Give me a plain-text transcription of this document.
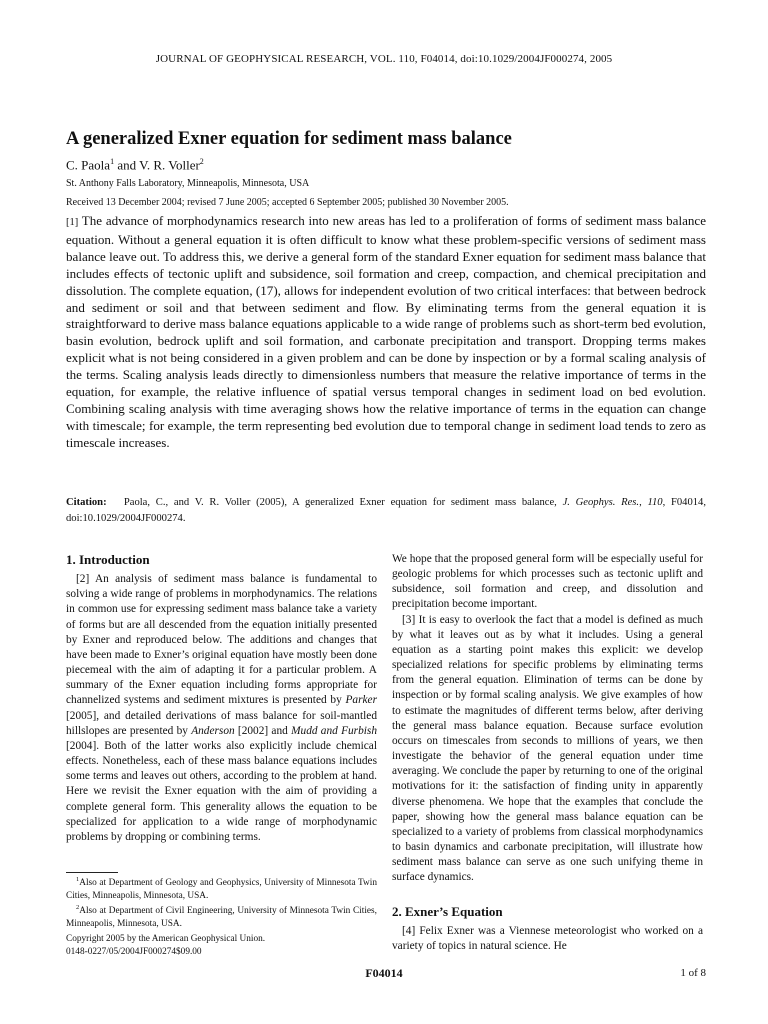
JOURNAL OF GEOPHYSICAL RESEARCH, VOL. 110, F04014, doi:10.1029/2004JF000274, 2005
A generalized Exner equation for sediment mass balance
C. Paola$^1$ and V. R. Voller$^2$
St. Anthony Falls Laboratory, Minneapolis, Minnesota, USA
Received 13 December 2004; revised 7 June 2005; accepted 6 September 2005; published 30 November 2005.

[1] The advance of morphodynamics research into new areas has led to a proliferation of forms of sediment mass balance equation. Without a general equation it is often difficult to know what these problem-specific versions of sediment mass balance leave out. To address this, we derive a general form of the standard Exner equation for sediment mass balance that includes effects of tectonic uplift and subsidence, soil formation and creep, compaction, and chemical precipitation and dissolution. The complete equation, (17), allows for independent evolution of two critical interfaces: that between bedrock and sediment or soil and that between sediment and flow. By eliminating terms from the general equation it is straightforward to derive mass balance equations applicable to a wide range of problems such as short-term bed evolution, basin evolution, bedrock uplift and soil formation, and carbonate precipitation and transport. Dropping terms makes explicit what is not being considered in a given problem and can be done by inspection or by a formal scaling analysis of the terms. Scaling analysis leads directly to dimensionless numbers that measure the relative importance of terms in the equation, for example, the relative influence of spatial versus temporal changes in sediment load on bed evolution. Combining scaling analysis with time averaging shows how the relative importance of terms in the equation can change with timescale; for example, the term representing bed evolution due to temporal change in sediment load tends to zero as timescale increases.

Citation: Paola, C., and V. R. Voller (2005), A generalized Exner equation for sediment mass balance, J. Geophys. Res., 110, F04014, doi:10.1029/2004JF000274.

1. Introduction

[2] An analysis of sediment mass balance is fundamental to solving a wide range of problems in morphodynamics. The relations in common use for expressing sediment mass balance take a variety of forms but are all descended from the equation initially presented by Exner and reproduced below. The additions and changes that have been made to Exner’s original equation have mostly been done piecemeal with the aim of adapting it for a particular problem. A summary of the Exner equation including forms appropriate for channelized systems and sediment mixtures is presented by Parker [2005], and detailed derivations of mass balance for soil-mantled hillslopes are presented by Anderson [2002] and Mudd and Furbish [2004]. Both of the latter works also explicitly include chemical effects. Nonetheless, each of these mass balance equations includes some terms and leaves out others, according to the problem at hand. Here we revisit the Exner equation with the aim of providing a complete general form. This generality allows the equation to be specialized for application to a wide range of morphodynamic problems by dropping or combining terms.

We hope that the proposed general form will be especially useful for geologic problems for which processes such as tectonic uplift and subsidence, soil formation and creep, and dissolution and precipitation become important.

[3] It is easy to overlook the fact that a model is defined as much by what it leaves out as by what it includes. Using a general equation as a starting point makes this explicit: we develop specialized relations for specific problems by eliminating terms from the general equation. Elimination of terms can be done by inspection or by formal scaling analysis. We give examples of how to estimate the magnitudes of different terms below, after deriving the general mass balance equation. Because surface evolution occurs on timescales from seconds to millions of years, we then investigate the behavior of the general equation under time averaging. We conclude the paper by returning to one of the original motivations for it: the satisfaction of finding unity in apparently diverse phenomena. We hope that the examples that conclude the paper, showing how the general mass balance equation can be specialized to a variety of problems from classical morphodynamics to basin dynamics and carbonate precipitation, will illustrate how sediment mass balance can serve as one such unifying theme in surface dynamics.

$^1$Also at Department of Geology and Geophysics, University of Minnesota Twin Cities, Minneapolis, Minnesota, USA.

$^2$Also at Department of Civil Engineering, University of Minnesota Twin Cities, Minneapolis, Minnesota, USA.

Copyright 2005 by the American Geophysical Union.

0148-0227/05/2004JF000274$09.00

2. Exner’s Equation

[4] Felix Exner was a Viennese meteorologist who worked on a variety of topics in natural science. He

F04014	1 of 8
